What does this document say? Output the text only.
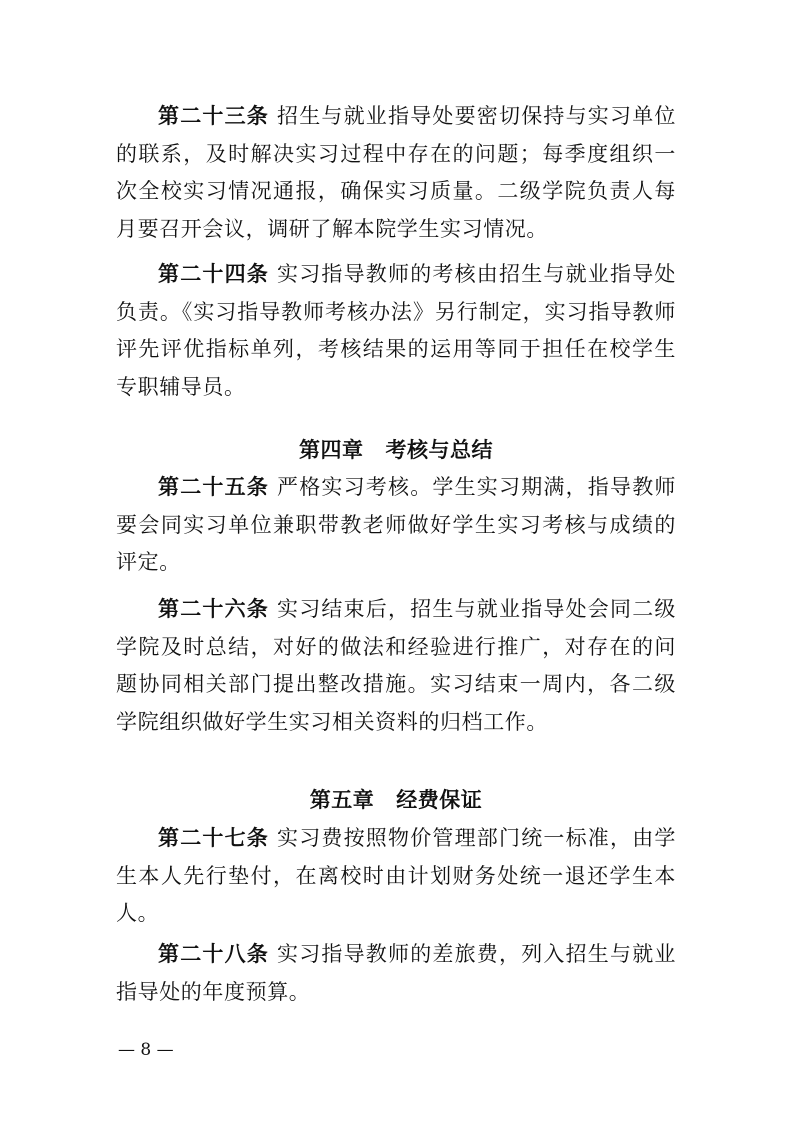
第二十三条 招生与就业指导处要密切保持与实习单位的联系，及时解决实习过程中存在的问题；每季度组织一次全校实习情况通报，确保实习质量。二级学院负责人每月要召开会议，调研了解本院学生实习情况。

第二十四条 实习指导教师的考核由招生与就业指导处负责。《实习指导教师考核办法》另行制定，实习指导教师评先评优指标单列，考核结果的运用等同于担任在校学生专职辅导员。

第四章 考核与总结

第二十五条 严格实习考核。学生实习期满，指导教师要会同实习单位兼职带教老师做好学生实习考核与成绩的评定。

第二十六条 实习结束后，招生与就业指导处会同二级学院及时总结，对好的做法和经验进行推广，对存在的问题协同相关部门提出整改措施。实习结束一周内，各二级学院组织做好学生实习相关资料的归档工作。

第五章 经费保证

第二十七条 实习费按照物价管理部门统一标准，由学生本人先行垫付，在离校时由计划财务处统一退还学生本人。

第二十八条 实习指导教师的差旅费，列入招生与就业指导处的年度预算。

— 8 —
